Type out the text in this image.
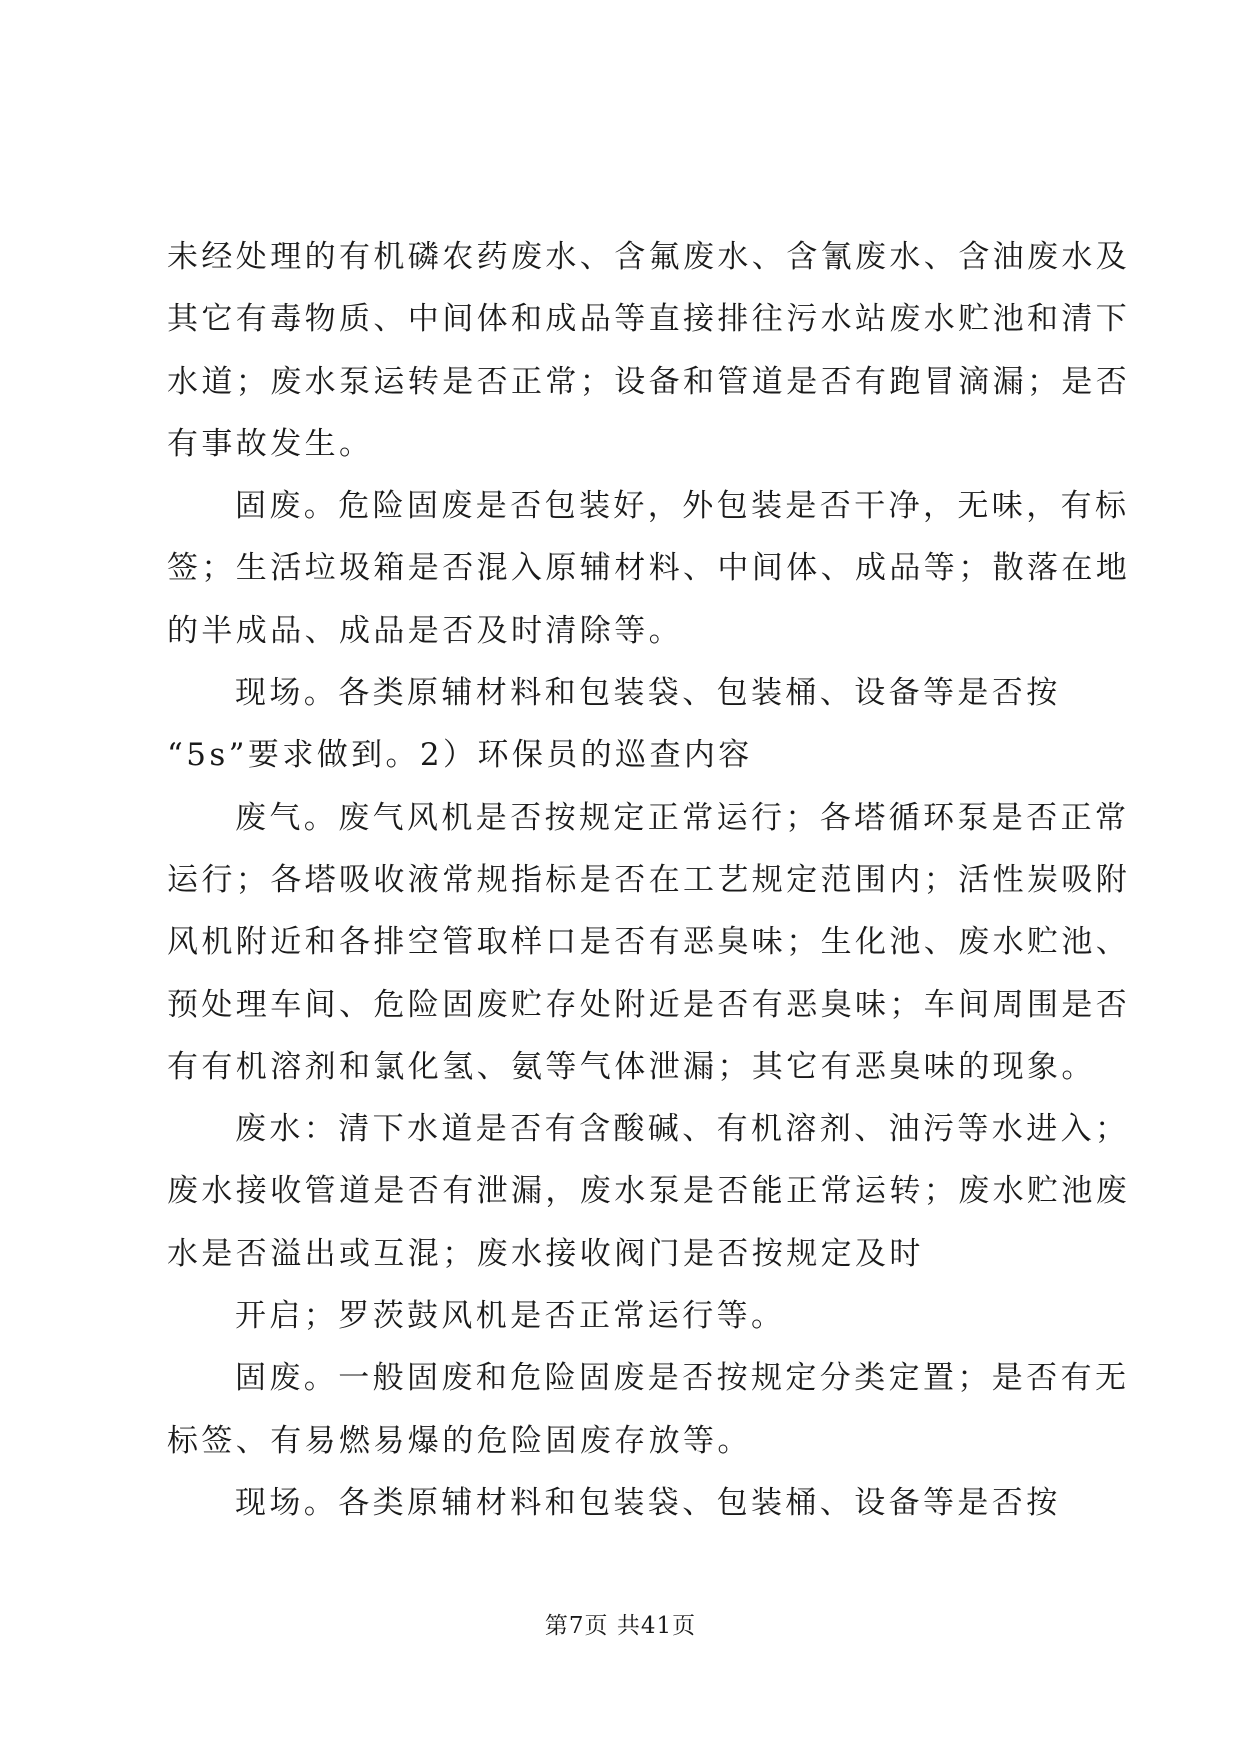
未经处理的有机磷农药废水、含氟废水、含氰废水、含油废水及
其它有毒物质、中间体和成品等直接排往污水站废水贮池和清下
水道；废水泵运转是否正常；设备和管道是否有跑冒滴漏；是否
有事故发生。
固废。危险固废是否包装好，外包装是否干净，无味，有标
签；生活垃圾箱是否混入原辅材料、中间体、成品等；散落在地
的半成品、成品是否及时清除等。
现场。各类原辅材料和包装袋、包装桶、设备等是否按
“5s”要求做到。2）环保员的巡查内容
废气。废气风机是否按规定正常运行；各塔循环泵是否正常
运行；各塔吸收液常规指标是否在工艺规定范围内；活性炭吸附
风机附近和各排空管取样口是否有恶臭味；生化池、废水贮池、
预处理车间、危险固废贮存处附近是否有恶臭味；车间周围是否
有有机溶剂和氯化氢、氨等气体泄漏；其它有恶臭味的现象。
废水：清下水道是否有含酸碱、有机溶剂、油污等水进入；
废水接收管道是否有泄漏，废水泵是否能正常运转；废水贮池废
水是否溢出或互混；废水接收阀门是否按规定及时
开启；罗茨鼓风机是否正常运行等。
固废。一般固废和危险固废是否按规定分类定置；是否有无
标签、有易燃易爆的危险固废存放等。
现场。各类原辅材料和包装袋、包装桶、设备等是否按
第7页 共41页
